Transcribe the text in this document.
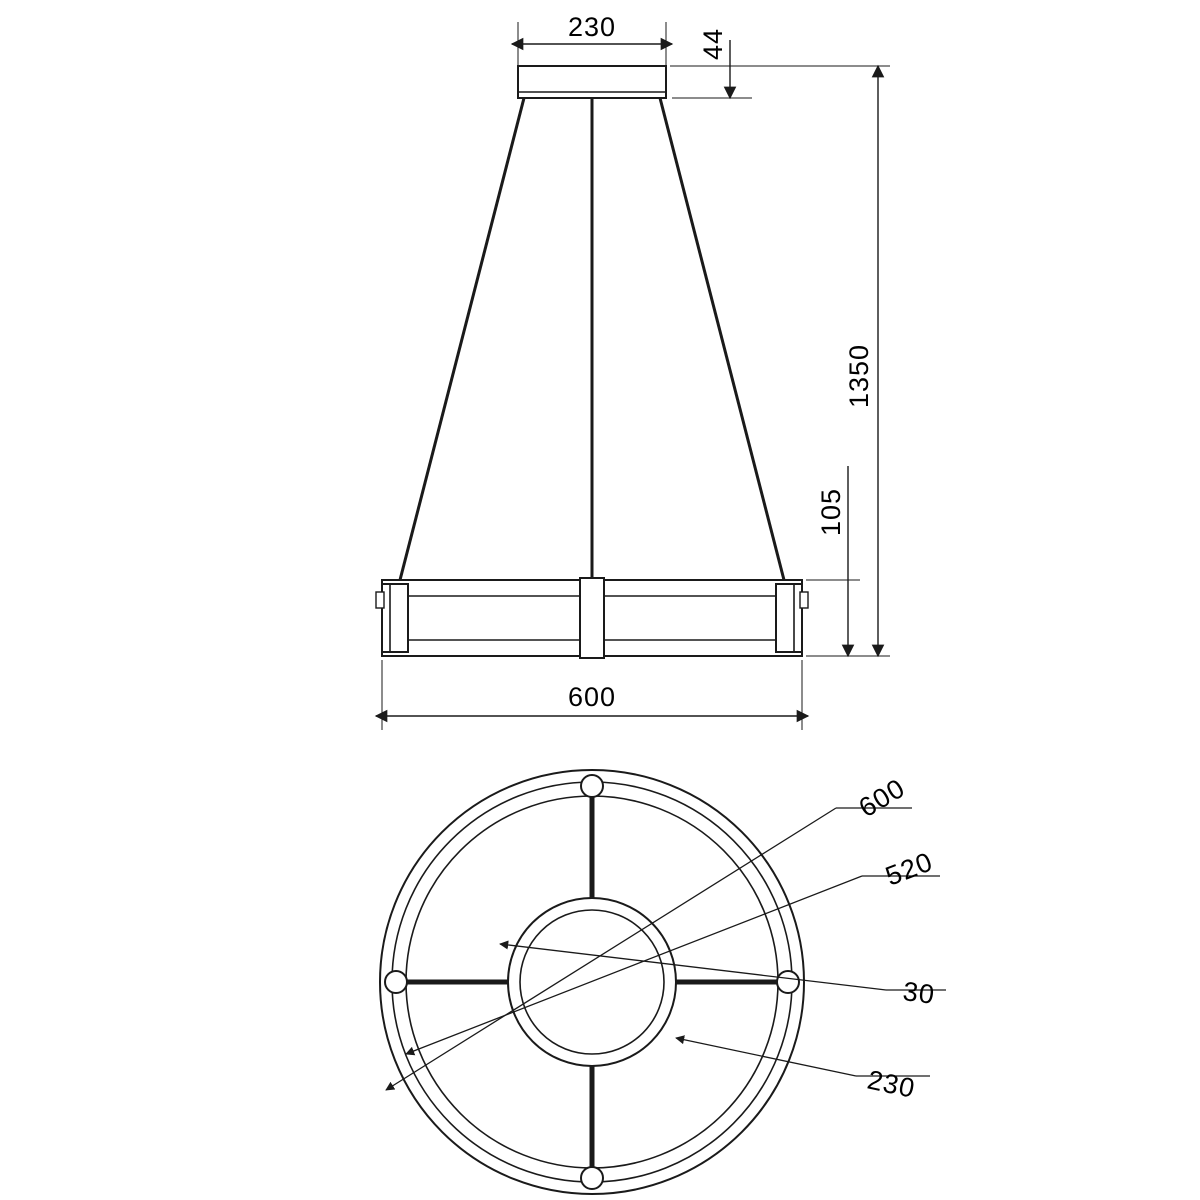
230
44
1350
105
600
600
520
30
230
